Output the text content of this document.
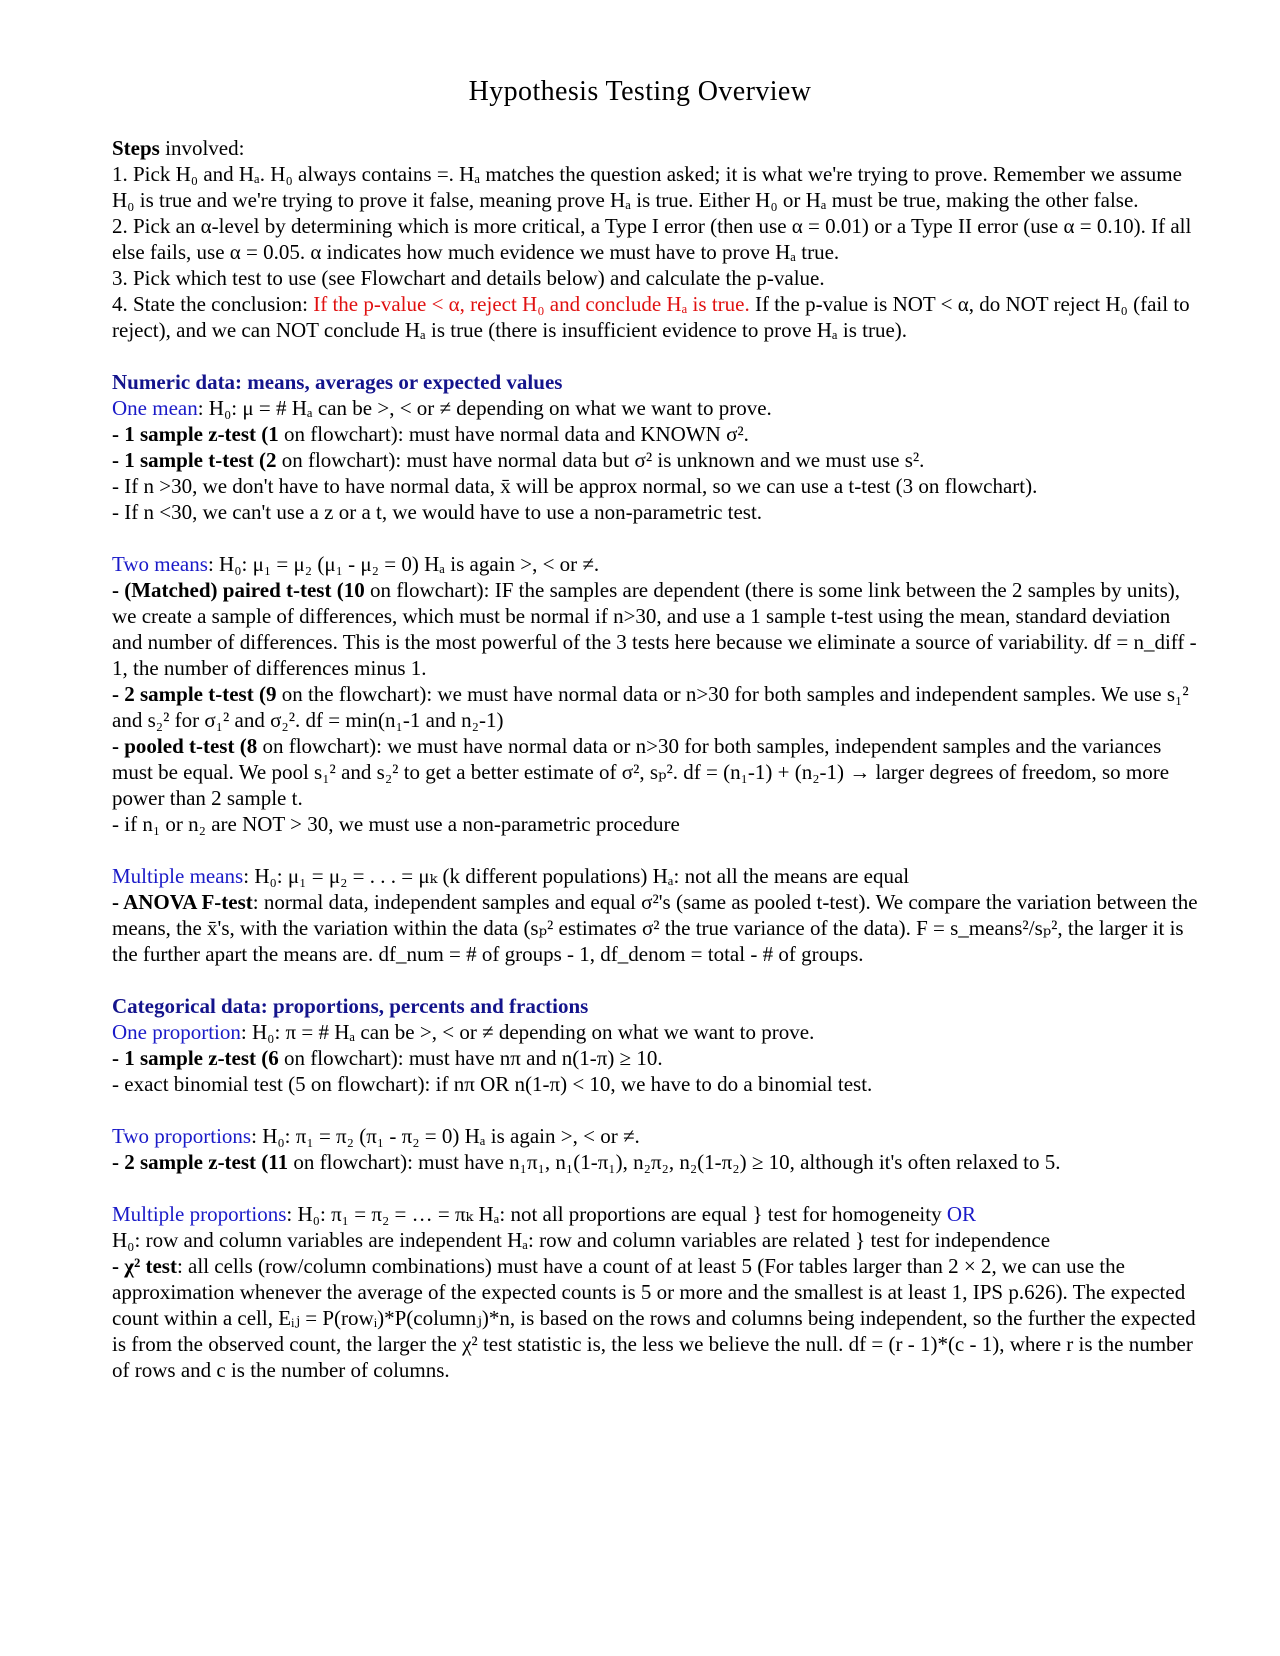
Hypothesis Testing Overview

Steps involved:

1. Pick H₀ and Hₐ. H₀ always contains =. Hₐ matches the question asked; it is what we're trying to prove. Remember we assume H₀ is true and we're trying to prove it false, meaning prove Hₐ is true. Either H₀ or Hₐ must be true, making the other false.

2. Pick an α-level by determining which is more critical, a Type I error (then use α = 0.01) or a Type II error (use α = 0.10). If all else fails, use α = 0.05. α indicates how much evidence we must have to prove Hₐ true.

3. Pick which test to use (see Flowchart and details below) and calculate the p-value.

4. State the conclusion: If the p-value < α, reject H₀ and conclude Hₐ is true. If the p-value is NOT < α, do NOT reject H₀ (fail to reject), and we can NOT conclude Hₐ is true (there is insufficient evidence to prove Hₐ is true).

Numeric data: means, averages or expected values

One mean: H₀: μ = # Hₐ can be >, < or ≠ depending on what we want to prove.

- 1 sample z-test (1 on flowchart): must have normal data and KNOWN σ².

- 1 sample t-test (2 on flowchart): must have normal data but σ² is unknown and we must use s².

- If n >30, we don't have to have normal data, x̄ will be approx normal, so we can use a t-test (3 on flowchart).

- If n <30, we can't use a z or a t, we would have to use a non-parametric test.

Two means: H₀: μ₁ = μ₂ (μ₁ - μ₂ = 0) Hₐ is again >, < or ≠.

- (Matched) paired t-test (10 on flowchart): IF the samples are dependent (there is some link between the 2 samples by units), we create a sample of differences, which must be normal if n>30, and use a 1 sample t-test using the mean, standard deviation and number of differences. This is the most powerful of the 3 tests here because we eliminate a source of variability. df = n_diff - 1, the number of differences minus 1.

- 2 sample t-test (9 on the flowchart): we must have normal data or n>30 for both samples and independent samples. We use s₁² and s₂² for σ₁² and σ₂². df = min(n₁-1 and n₂-1)

- pooled t-test (8 on flowchart): we must have normal data or n>30 for both samples, independent samples and the variances must be equal. We pool s₁² and s₂² to get a better estimate of σ², sₚ². df = (n₁-1) + (n₂-1) → larger degrees of freedom, so more power than 2 sample t.

- if n₁ or n₂ are NOT > 30, we must use a non-parametric procedure

Multiple means: H₀: μ₁ = μ₂ = . . . = μₖ (k different populations) Hₐ: not all the means are equal

- ANOVA F-test: normal data, independent samples and equal σ²'s (same as pooled t-test). We compare the variation between the means, the x̄'s, with the variation within the data (sₚ² estimates σ² the true variance of the data). F = s_means²/sₚ², the larger it is the further apart the means are. df_num = # of groups - 1, df_denom = total - # of groups.

Categorical data: proportions, percents and fractions

One proportion: H₀: π = # Hₐ can be >, < or ≠ depending on what we want to prove.

- 1 sample z-test (6 on flowchart): must have nπ and n(1-π) ≥ 10.

- exact binomial test (5 on flowchart): if nπ OR n(1-π) < 10, we have to do a binomial test.

Two proportions: H₀: π₁ = π₂ (π₁ - π₂ = 0) Hₐ is again >, < or ≠.

- 2 sample z-test (11 on flowchart): must have n₁π₁, n₁(1-π₁), n₂π₂, n₂(1-π₂) ≥ 10, although it's often relaxed to 5.

Multiple proportions: H₀: π₁ = π₂ = … = πₖ Hₐ: not all proportions are equal } test for homogeneity OR

H₀: row and column variables are independent Hₐ: row and column variables are related } test for independence

- χ² test: all cells (row/column combinations) must have a count of at least 5 (For tables larger than 2 × 2, we can use the approximation whenever the average of the expected counts is 5 or more and the smallest is at least 1, IPS p.626). The expected count within a cell, Eᵢⱼ = P(rowᵢ)*P(columnⱼ)*n, is based on the rows and columns being independent, so the further the expected is from the observed count, the larger the χ² test statistic is, the less we believe the null. df = (r - 1)*(c - 1), where r is the number of rows and c is the number of columns.
